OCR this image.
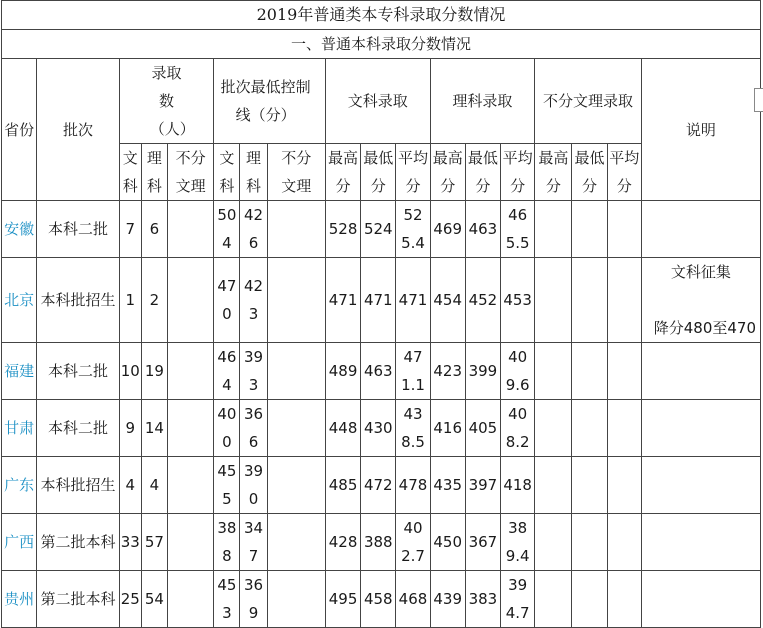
2019年普通类本专科录取分数情况																	
一、普通本科录取分数情况																	
省份	批次	录取数（人）			批次最低控制线（分）			文科录取			理科录取			不分文理录取			说明
		文科	理科	不分文理	文科	理科	不分文理	最高分	最低分	平均分	最高分	最低分	平均分	最高分	最低分	平均分	
安徽	本科二批	7	6		504	426		528	524	525.4	469	463	465.5				
北京	本科批招生	1	2		470	423		471	471	471	454	452	453				文科征集
降分480至470

福建	本科二批	10	19		464	393		489	463	471.1	423	399	409.6				
甘肃	本科二批	9	14		400	366		448	430	438.5	416	405	408.2				
广东	本科批招生	4	4		455	390		485	472	478	435	397	418				
广西	第二批本科	33	57		388	347		428	388	402.7	450	367	389.4				
贵州	第二批本科	25	54		453	369		495	458	468	439	383	394.7				
